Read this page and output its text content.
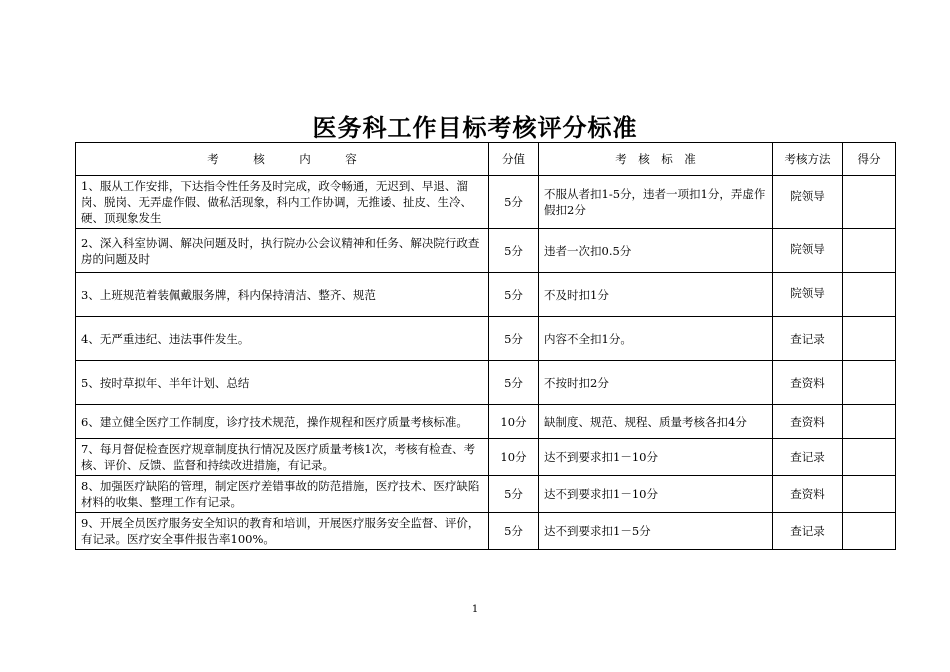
医务科工作目标考核评分标准
考　　　核　　　内　　　容	分值	考　核　标　准	考核方法	得分
1、服从工作安排，下达指令性任务及时完成，政令畅通，无迟到、早退、溜岗、脱岗、无弄虚作假、做私活现象，科内工作协调，无推诿、扯皮、生冷、硬、顶现象发生	5分	不服从者扣1-5分，违者一项扣1分，弄虚作假扣2分	院领导	
2、深入科室协调、解决问题及时，执行院办公会议精神和任务、解决院行政查房的问题及时	5分	违者一次扣0.5分	院领导	
3、上班规范着装佩戴服务牌，科内保持清洁、整齐、规范	5分	不及时扣1分	院领导	
4、无严重违纪、违法事件发生。	5分	内容不全扣1分。	查记录	
5、按时草拟年、半年计划、总结	5分	不按时扣2分	查资料	
6、建立健全医疗工作制度，诊疗技术规范，操作规程和医疗质量考核标准。	10分	缺制度、规范、规程、质量考核各扣4分	查资料	
7、每月督促检查医疗规章制度执行情况及医疗质量考核1次，考核有检查、考核、评价、反馈、监督和持续改进措施，有记录。	10分	达不到要求扣1－10分	查记录	
8、加强医疗缺陷的管理，制定医疗差错事故的防范措施，医疗技术、医疗缺陷材料的收集、整理工作有记录。	5分	达不到要求扣1－10分	查资料	
9、开展全员医疗服务安全知识的教育和培训，开展医疗服务安全监督、评价，有记录。医疗安全事件报告率100%。	5分	达不到要求扣1－5分	查记录	
1
